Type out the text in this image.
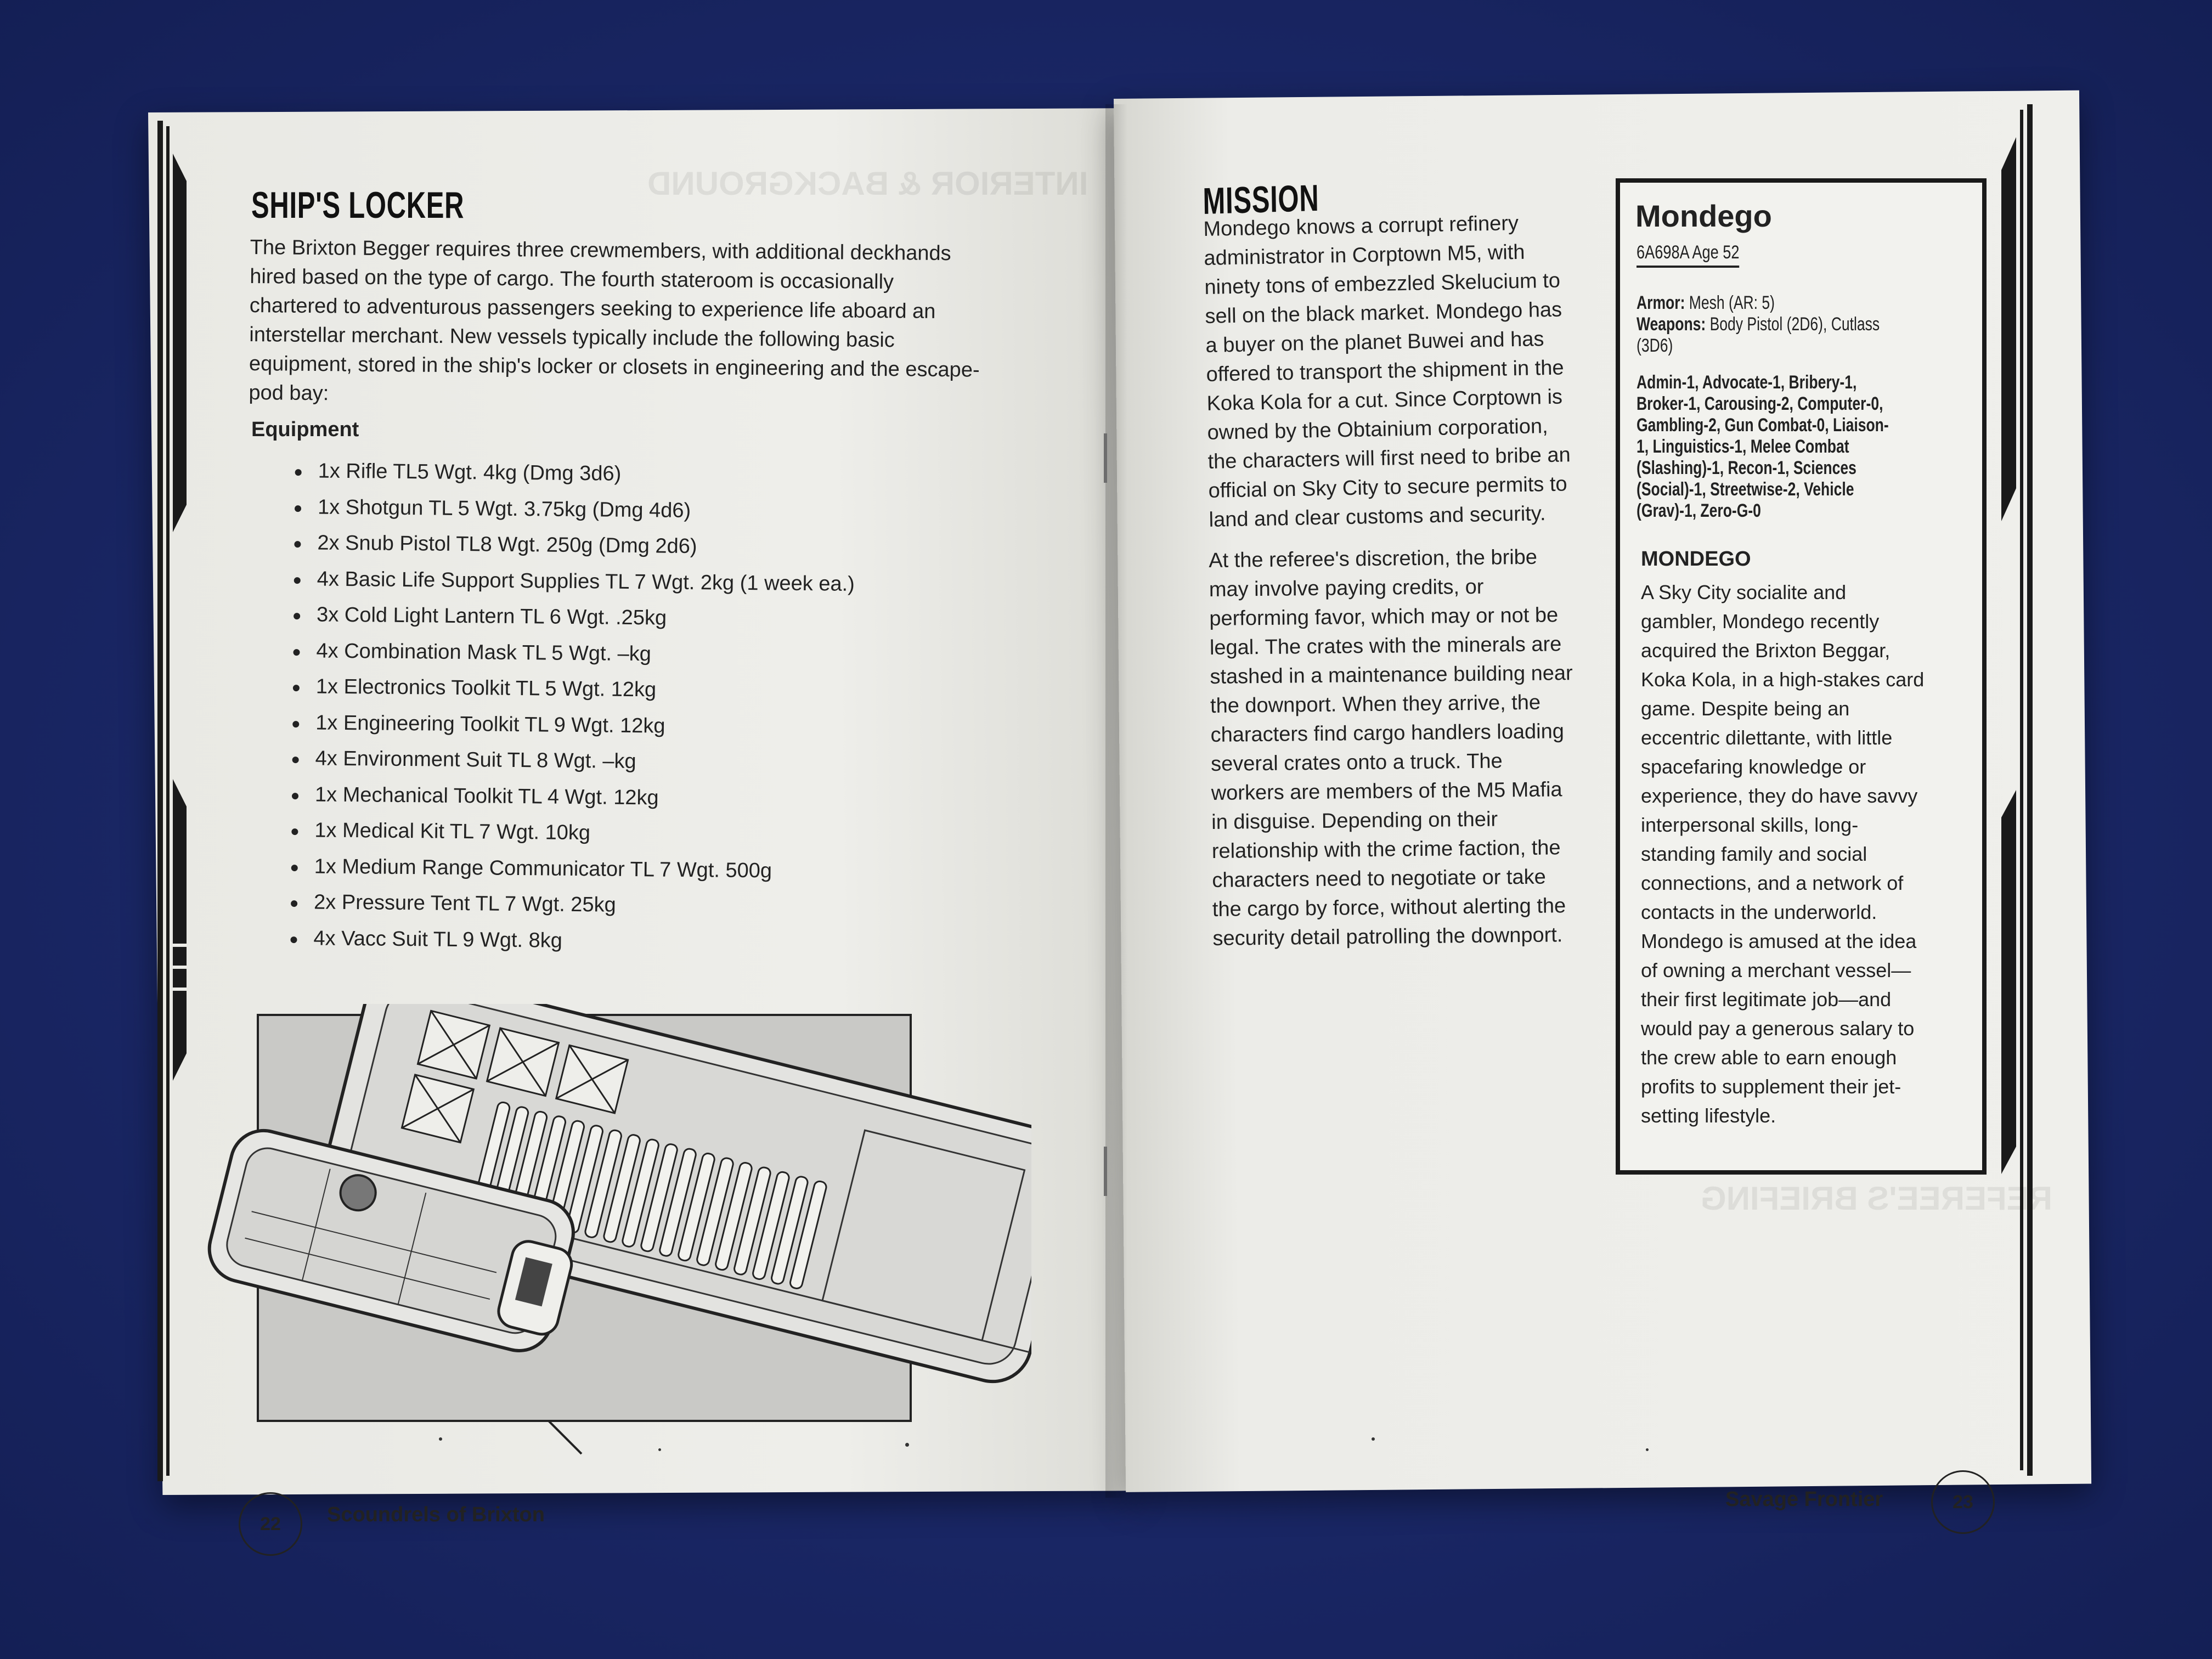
INTERIOR & BACKGROUND
REFEREE'S BRIEFING
SHIP'S LOCKER
The Brixton Begger requires three crewmembers, with additional deckhands
hired based on the type of cargo. The fourth stateroom is occasionally
chartered to adventurous passengers seeking to experience life aboard an
interstellar merchant. New vessels typically include the following basic
equipment, stored in the ship's locker or closets in engineering and the escape-
pod bay:
Equipment
1x Rifle TL5 Wgt. 4kg (Dmg 3d6)
1x Shotgun TL 5 Wgt. 3.75kg (Dmg 4d6)
2x Snub Pistol TL8 Wgt. 250g (Dmg 2d6)
4x Basic Life Support Supplies TL 7 Wgt. 2kg (1 week ea.)
3x Cold Light Lantern TL 6 Wgt. .25kg
4x Combination Mask TL 5 Wgt. –kg
1x Electronics Toolkit TL 5 Wgt. 12kg
1x Engineering Toolkit TL 9 Wgt. 12kg
4x Environment Suit TL 8 Wgt. –kg
1x Mechanical Toolkit TL 4 Wgt. 12kg
1x Medical Kit TL 7 Wgt. 10kg
1x Medium Range Communicator TL 7 Wgt. 500g
2x Pressure Tent TL 7 Wgt. 25kg
4x Vacc Suit TL 9 Wgt. 8kg
22	Scoundrels of Brixton
MISSION
Mondego knows a corrupt refinery
administrator in Corptown M5, with
ninety tons of embezzled Skelucium to
sell on the black market. Mondego has
a buyer on the planet Buwei and has
offered to transport the shipment in the
Koka Kola for a cut. Since Corptown is
owned by the Obtainium corporation,
the characters will first need to bribe an
official on Sky City to secure permits to
land and clear customs and security.
At the referee's discretion, the bribe
may involve paying credits, or
performing favor, which may or not be
legal. The crates with the minerals are
stashed in a maintenance building near
the downport. When they arrive, the
characters find cargo handlers loading
several crates onto a truck. The
workers are members of the M5 Mafia
in disguise. Depending on their
relationship with the crime faction, the
characters need to negotiate or take
the cargo by force, without alerting the
security detail patrolling the downport.
Mondego
6A698A Age 52
Armor: Mesh (AR: 5)
Weapons: Body Pistol (2D6), Cutlass
(3D6)
Admin-1, Advocate-1, Bribery-1,
Broker-1, Carousing-2, Computer-0,
Gambling-2, Gun Combat-0, Liaison-
1, Linguistics-1, Melee Combat
(Slashing)-1, Recon-1, Sciences
(Social)-1, Streetwise-2, Vehicle
(Grav)-1, Zero-G-0
MONDEGO
A Sky City socialite and
gambler, Mondego recently
acquired the Brixton Beggar,
Koka Kola, in a high-stakes card
game. Despite being an
eccentric dilettante, with little
spacefaring knowledge or
experience, they do have savvy
interpersonal skills, long-
standing family and social
connections, and a network of
contacts in the underworld.
Mondego is amused at the idea
of owning a merchant vessel—
their first legitimate job—and
would pay a generous salary to
the crew able to earn enough
profits to supplement their jet-
setting lifestyle.
Savage Frontier	23
